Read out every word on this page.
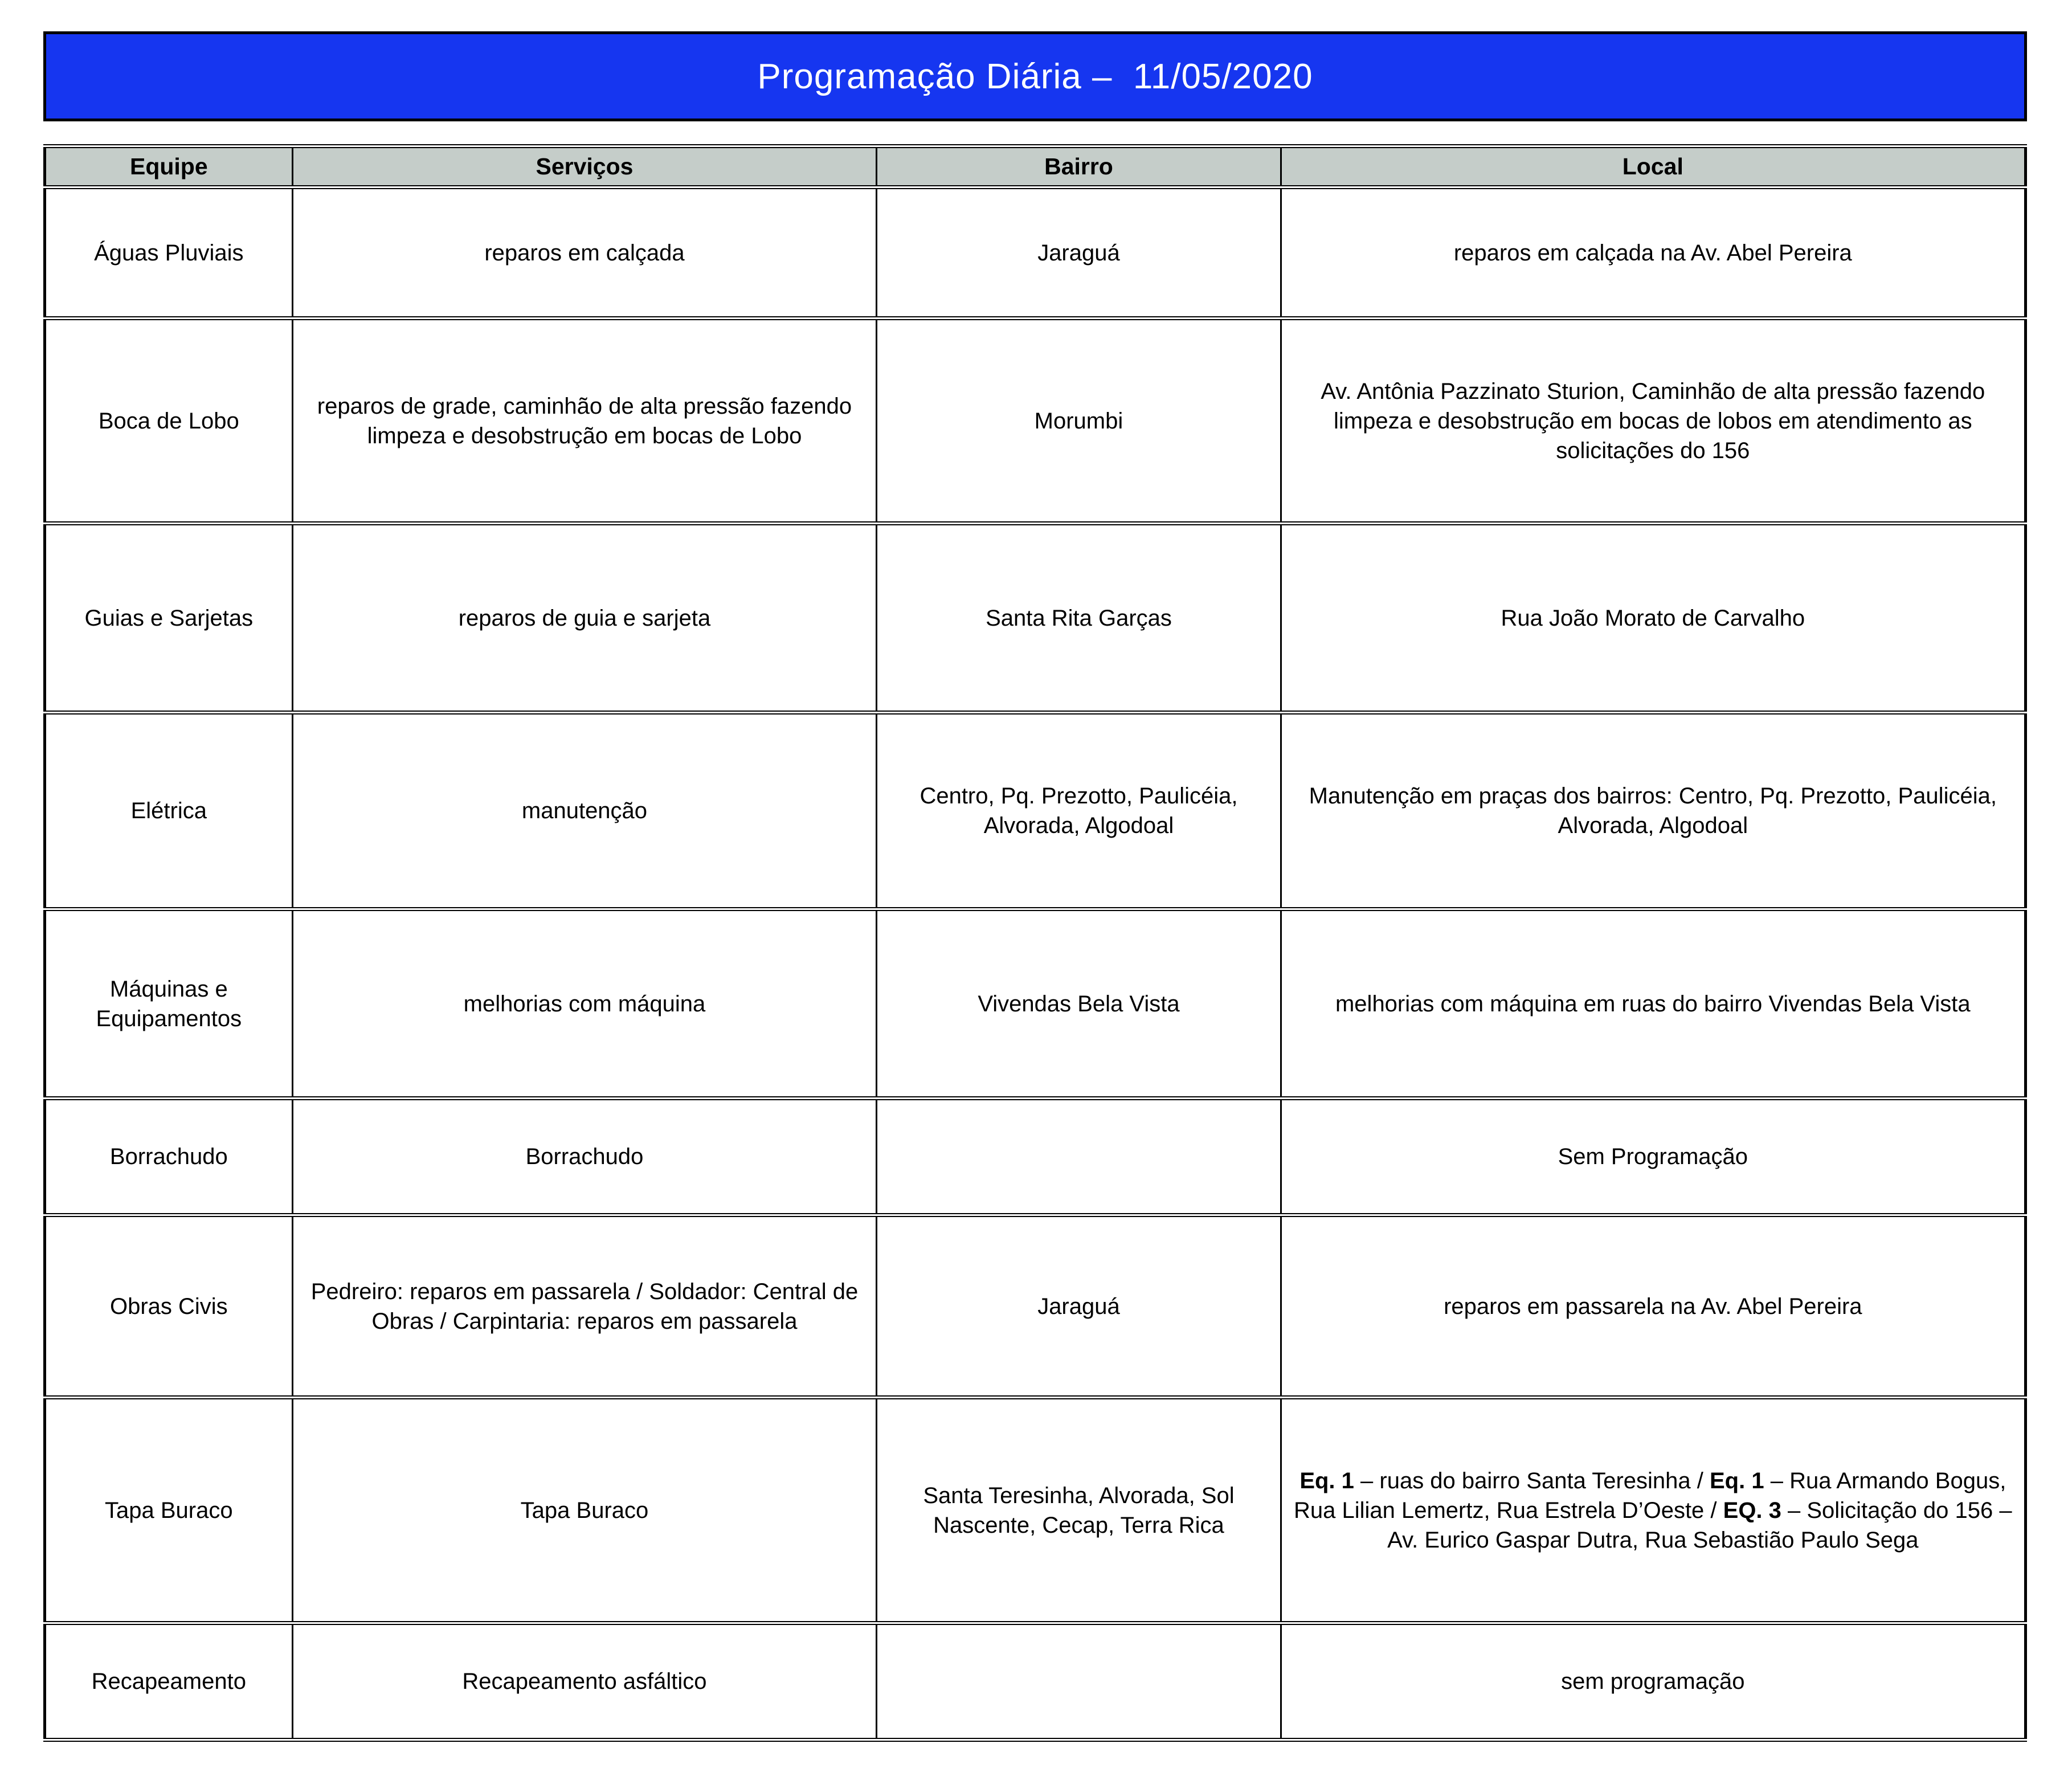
Programação Diária –  11/05/2020
Equipe	Serviços	Bairro	Local
Águas Pluviais	reparos em calçada	Jaraguá	reparos em calçada na Av. Abel Pereira
Boca de Lobo	reparos de grade, caminhão de alta pressão fazendo limpeza e desobstrução em bocas de Lobo	Morumbi	Av. Antônia Pazzinato Sturion, Caminhão de alta pressão fazendo limpeza e desobstrução em bocas de lobos em atendimento as solicitações do 156
Guias e Sarjetas	reparos de guia e sarjeta	Santa Rita Garças	Rua João Morato de Carvalho
Elétrica	manutenção	Centro, Pq. Prezotto, Paulicéia, Alvorada, Algodoal	Manutenção em praças dos bairros: Centro, Pq. Prezotto, Paulicéia, Alvorada, Algodoal
Máquinas e Equipamentos	melhorias com máquina	Vivendas Bela Vista	melhorias com máquina em ruas do bairro Vivendas Bela Vista
Borrachudo	Borrachudo		Sem Programação
Obras Civis	Pedreiro: reparos em passarela / Soldador: Central de Obras / Carpintaria: reparos em passarela	Jaraguá	reparos em passarela na Av. Abel Pereira
Tapa Buraco	Tapa Buraco	Santa Teresinha, Alvorada, Sol Nascente, Cecap, Terra Rica	Eq. 1 – ruas do bairro Santa Teresinha / Eq. 1 – Rua Armando Bogus, Rua Lilian Lemertz, Rua Estrela D’Oeste / EQ. 3 – Solicitação do 156 – Av. Eurico Gaspar Dutra, Rua Sebastião Paulo Sega
Recapeamento	Recapeamento asfáltico		sem programação
